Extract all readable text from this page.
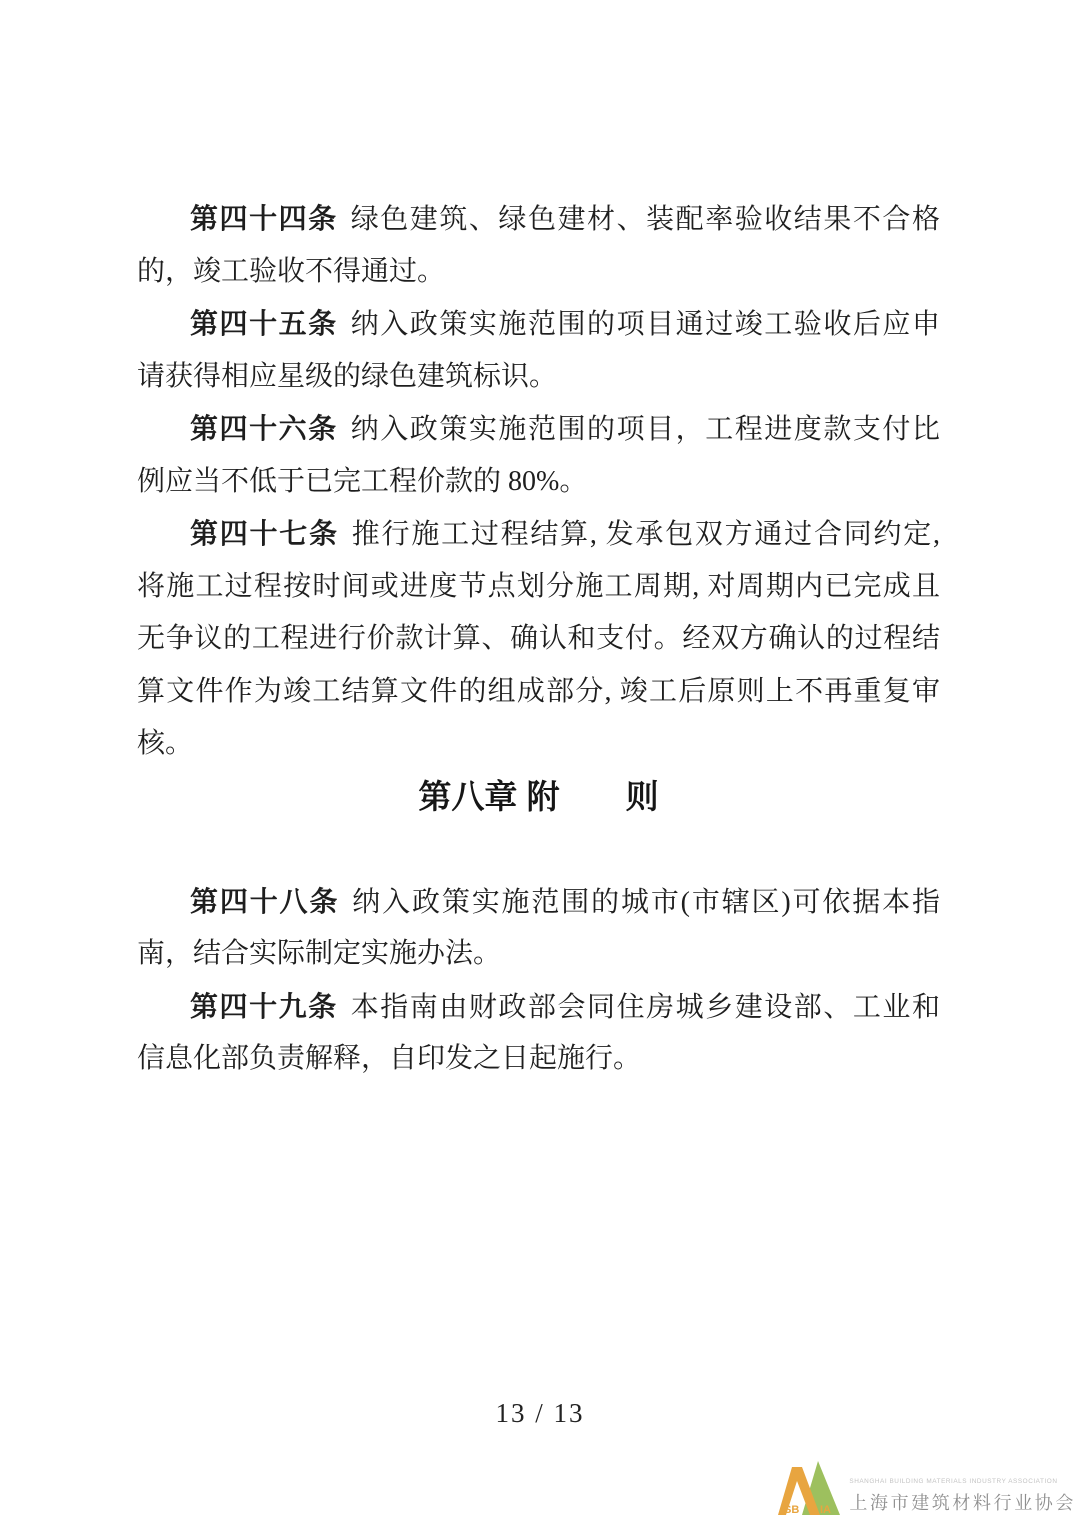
第四十四条 绿色建筑、绿色建材、装配率验收结果不合格
的，竣工验收不得通过。
第四十五条 纳入政策实施范围的项目通过竣工验收后应申
请获得相应星级的绿色建筑标识。
第四十六条 纳入政策实施范围的项目，工程进度款支付比
例应当不低于已完工程价款的 80%。
第四十七条 推行施工过程结算, 发承包双方通过合同约定,
将施工过程按时间或进度节点划分施工周期, 对周期内已完成且
无争议的工程进行价款计算、确认和支付。经双方确认的过程结
算文件作为竣工结算文件的组成部分, 竣工后原则上不再重复审
核。
第八章 附　　则
第四十八条 纳入政策实施范围的城市(市辖区)可依据本指
南，结合实际制定实施办法。
第四十九条 本指南由财政部会同住房城乡建设部、工业和
信息化部负责解释，自印发之日起施行。
13 / 13
SB IA
SHANGHAI BUILDING MATERIALS INDUSTRY ASSOCIATION
上海市建筑材料行业协会
